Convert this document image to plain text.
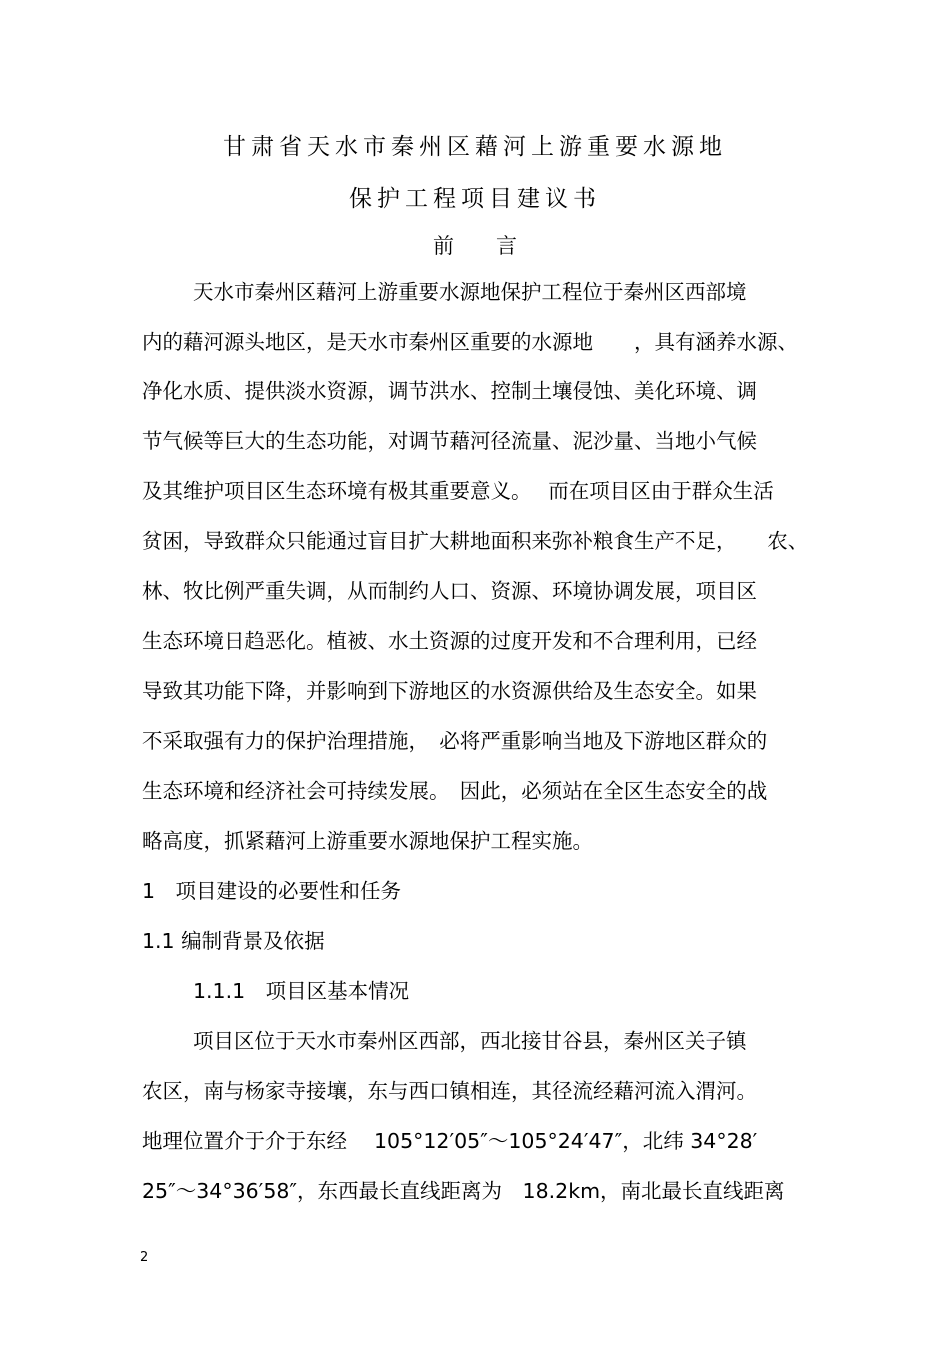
甘肃省天水市秦州区藉河上游重要水源地
保护工程项目建议书
前　　言
天水市秦州区藉河上游重要水源地保护工程位于秦州区西部境
内的藉河源头地区，是天水市秦州区重要的水源地　　，具有涵养水源、
净化水质、提供淡水资源，调节洪水、控制土壤侵蚀、美化环境、调
节气候等巨大的生态功能，对调节藉河径流量、泥沙量、当地小气候
及其维护项目区生态环境有极其重要意义。　 而在项目区由于群众生活
贫困，导致群众只能通过盲目扩大耕地面积来弥补粮食生产不足，　　农、
林、牧比例严重失调，从而制约人口、资源、环境协调发展，项目区
生态环境日趋恶化。植被、水土资源的过度开发和不合理利用，已经
导致其功能下降，并影响到下游地区的水资源供给及生态安全。如果
不采取强有力的保护治理措施，　必将严重影响当地及下游地区群众的
生态环境和经济社会可持续发展。　因此，必须站在全区生态安全的战
略高度，抓紧藉河上游重要水源地保护工程实施。
1　项目建设的必要性和任务
1.1 编制背景及依据
1.1.1　项目区基本情况
项目区位于天水市秦州区西部，西北接甘谷县，秦州区关子镇
农区，南与杨家寺接壤，东与西口镇相连，其径流经藉河流入渭河。
地理位置介于介于东经　 105°12′05″～105°24′47″，北纬 34°28′
25″～34°36′58″，东西最长直线距离为　18.2km，南北最长直线距离
2
